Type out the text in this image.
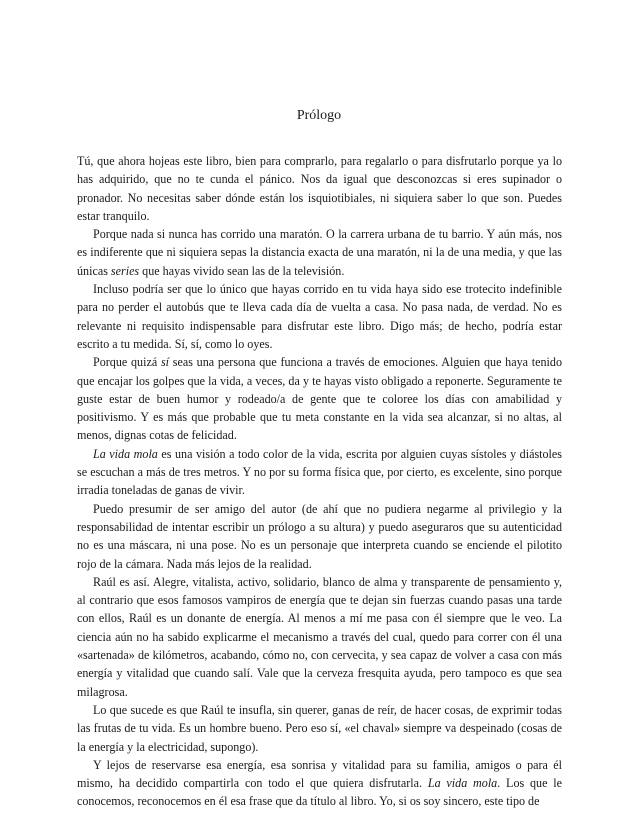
Prólogo

Tú, que ahora hojeas este libro, bien para comprarlo, para regalarlo o para disfrutarlo porque ya lo has adquirido, que no te cunda el pánico. Nos da igual que desconozcas si eres supinador o pronador. No necesitas saber dónde están los isquiotibiales, ni siquiera saber lo que son. Puedes estar tranquilo.

Porque nada si nunca has corrido una maratón. O la carrera urbana de tu barrio. Y aún más, nos es indiferente que ni siquiera sepas la distancia exacta de una maratón, ni la de una media, y que las únicas series que hayas vivido sean las de la televisión.

Incluso podría ser que lo único que hayas corrido en tu vida haya sido ese trotecito indefinible para no perder el autobús que te lleva cada día de vuelta a casa. No pasa nada, de verdad. No es relevante ni requisito indispensable para disfrutar este libro. Digo más; de hecho, podría estar escrito a tu medida. Sí, sí, como lo oyes.

Porque quizá sí seas una persona que funciona a través de emociones. Alguien que haya tenido que encajar los golpes que la vida, a veces, da y te hayas visto obligado a reponerte. Seguramente te guste estar de buen humor y rodeado/a de gente que te coloree los días con amabilidad y positivismo. Y es más que probable que tu meta constante en la vida sea alcanzar, si no altas, al menos, dignas cotas de felicidad.

La vida mola es una visión a todo color de la vida, escrita por alguien cuyas sístoles y diástoles se escuchan a más de tres metros. Y no por su forma física que, por cierto, es excelente, sino porque irradia toneladas de ganas de vivir.

Puedo presumir de ser amigo del autor (de ahí que no pudiera negarme al privilegio y la responsabilidad de intentar escribir un prólogo a su altura) y puedo aseguraros que su autenticidad no es una máscara, ni una pose. No es un personaje que interpreta cuando se enciende el pilotito rojo de la cámara. Nada más lejos de la realidad.

Raúl es así. Alegre, vitalista, activo, solidario, blanco de alma y transparente de pensamiento y, al contrario que esos famosos vampiros de energía que te dejan sin fuerzas cuando pasas una tarde con ellos, Raúl es un donante de energía. Al menos a mí me pasa con él siempre que le veo. La ciencia aún no ha sabido explicarme el mecanismo a través del cual, quedo para correr con él una «sartenada» de kilómetros, acabando, cómo no, con cervecita, y sea capaz de volver a casa con más energía y vitalidad que cuando salí. Vale que la cerveza fresquita ayuda, pero tampoco es que sea milagrosa.

Lo que sucede es que Raúl te insufla, sin querer, ganas de reír, de hacer cosas, de exprimir todas las frutas de tu vida. Es un hombre bueno. Pero eso sí, «el chaval» siempre va despeinado (cosas de la energía y la electricidad, supongo).

Y lejos de reservarse esa energía, esa sonrisa y vitalidad para su familia, amigos o para él mismo, ha decidido compartirla con todo el que quiera disfrutarla. La vida mola. Los que le conocemos, reconocemos en él esa frase que da título al libro. Yo, si os soy sincero, este tipo de
